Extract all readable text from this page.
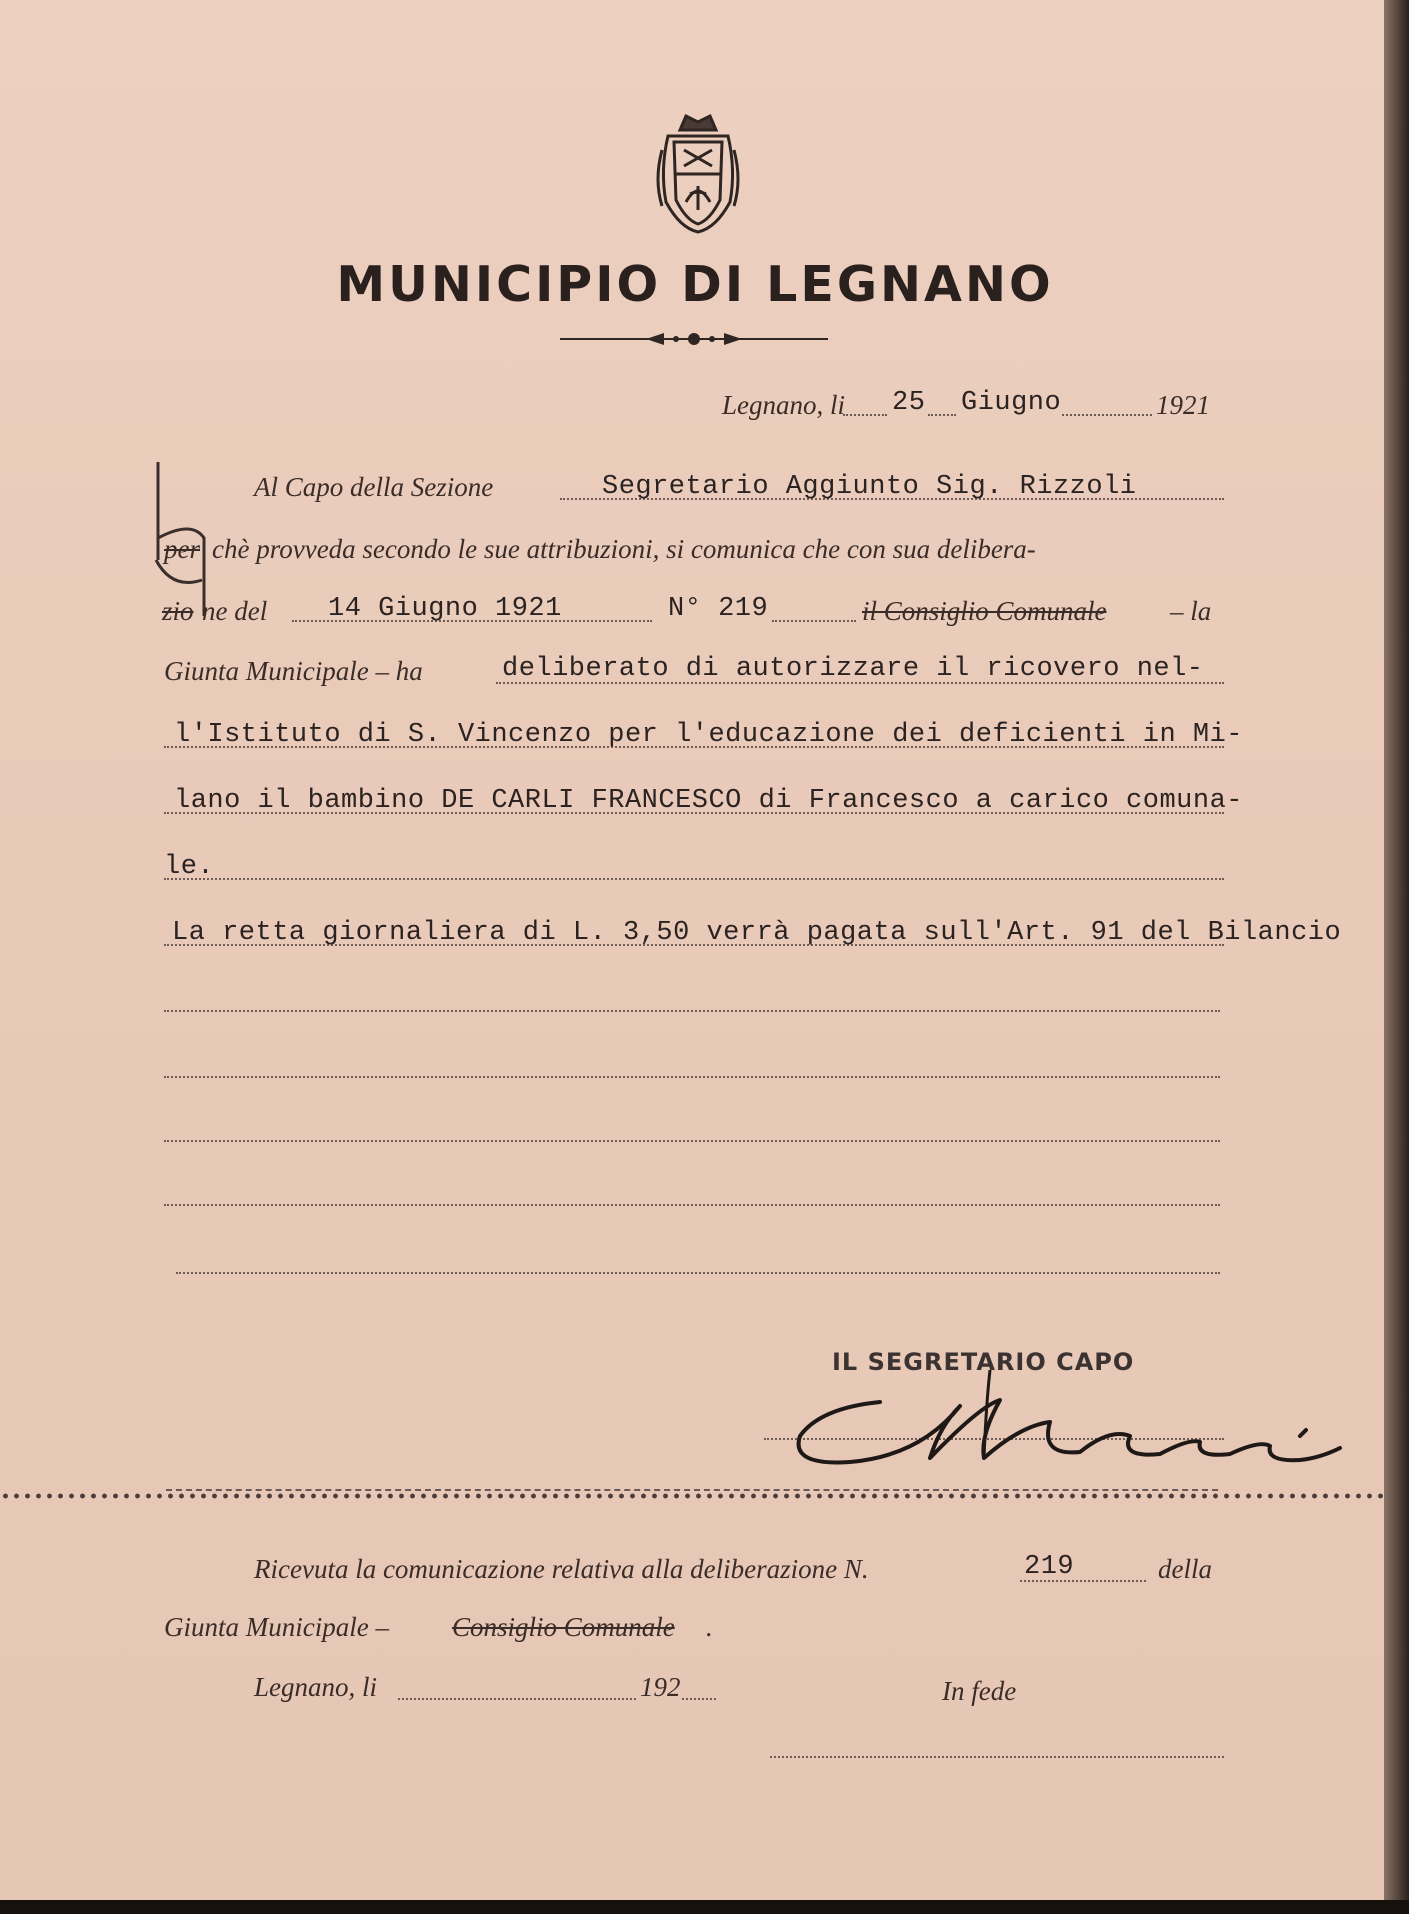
MUNICIPIO DI LEGNANO
Legnano, li 25 Giugno	1921
Al Capo della Sezione	Segretario Aggiunto Sig. Rizzoli
per chè provveda secondo le sue attribuzioni, si comunica che con sua delibera-
zio ne del 14 Giugno 1921	N° 219	il Consiglio Comunale – la
Giunta Municipale – ha	deliberato di autorizzare il ricovero nel-
l'Istituto di S. Vincenzo per l'educazione dei deficienti in Mi-
lano il bambino DE CARLI FRANCESCO di Francesco a carico comuna-
le.
La retta giornaliera di L. 3,50 verrà pagata sull'Art. 91 del Bilancio
IL SEGRETARIO CAPO
Ricevuta la comunicazione relativa alla deliberazione N.	219	della
Giunta Municipale – Consiglio Comunale .
Legnano, li	192	In fede
